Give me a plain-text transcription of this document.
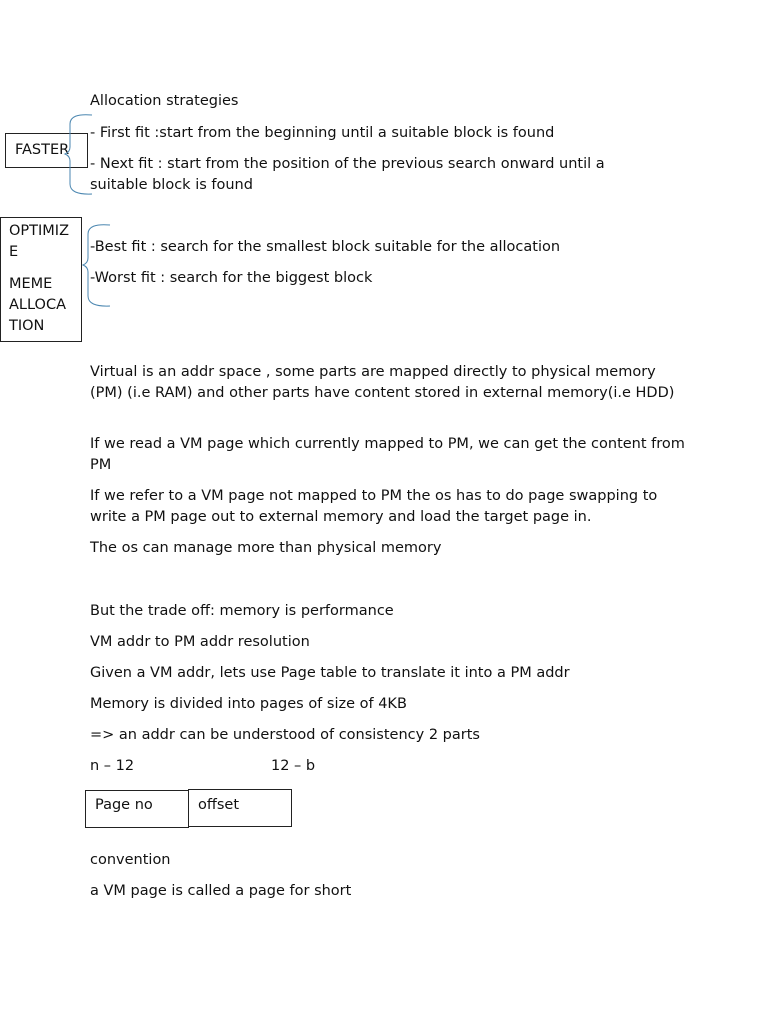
Allocation strategies

FASTER

- First fit :start from the beginning until a suitable block is found

- Next fit : start from the position of the previous search onward until a

suitable block is found

OPTIMIZ
E
MEME
ALLOCA
TION

-Best fit : search for the smallest block suitable for the allocation

-Worst fit : search for the biggest block

Virtual is an addr space , some parts are mapped directly to physical memory (PM) (i.e RAM) and other parts have content stored in external memory(i.e HDD)

If we read a VM page which currently mapped to PM, we can get the content from PM

If we refer to a VM page not mapped to PM the os has to do page swapping to write a PM page out to external memory and load the target page in.

The os can manage more than physical memory

But the trade off: memory is performance

VM addr to PM addr resolution

Given a VM addr, lets use Page table to translate it into a PM addr

Memory is divided into pages of size of 4KB

=> an addr can be understood of consistency 2 parts

n – 12	12 – b

Page no	offset

convention

a VM page is called a page for short
